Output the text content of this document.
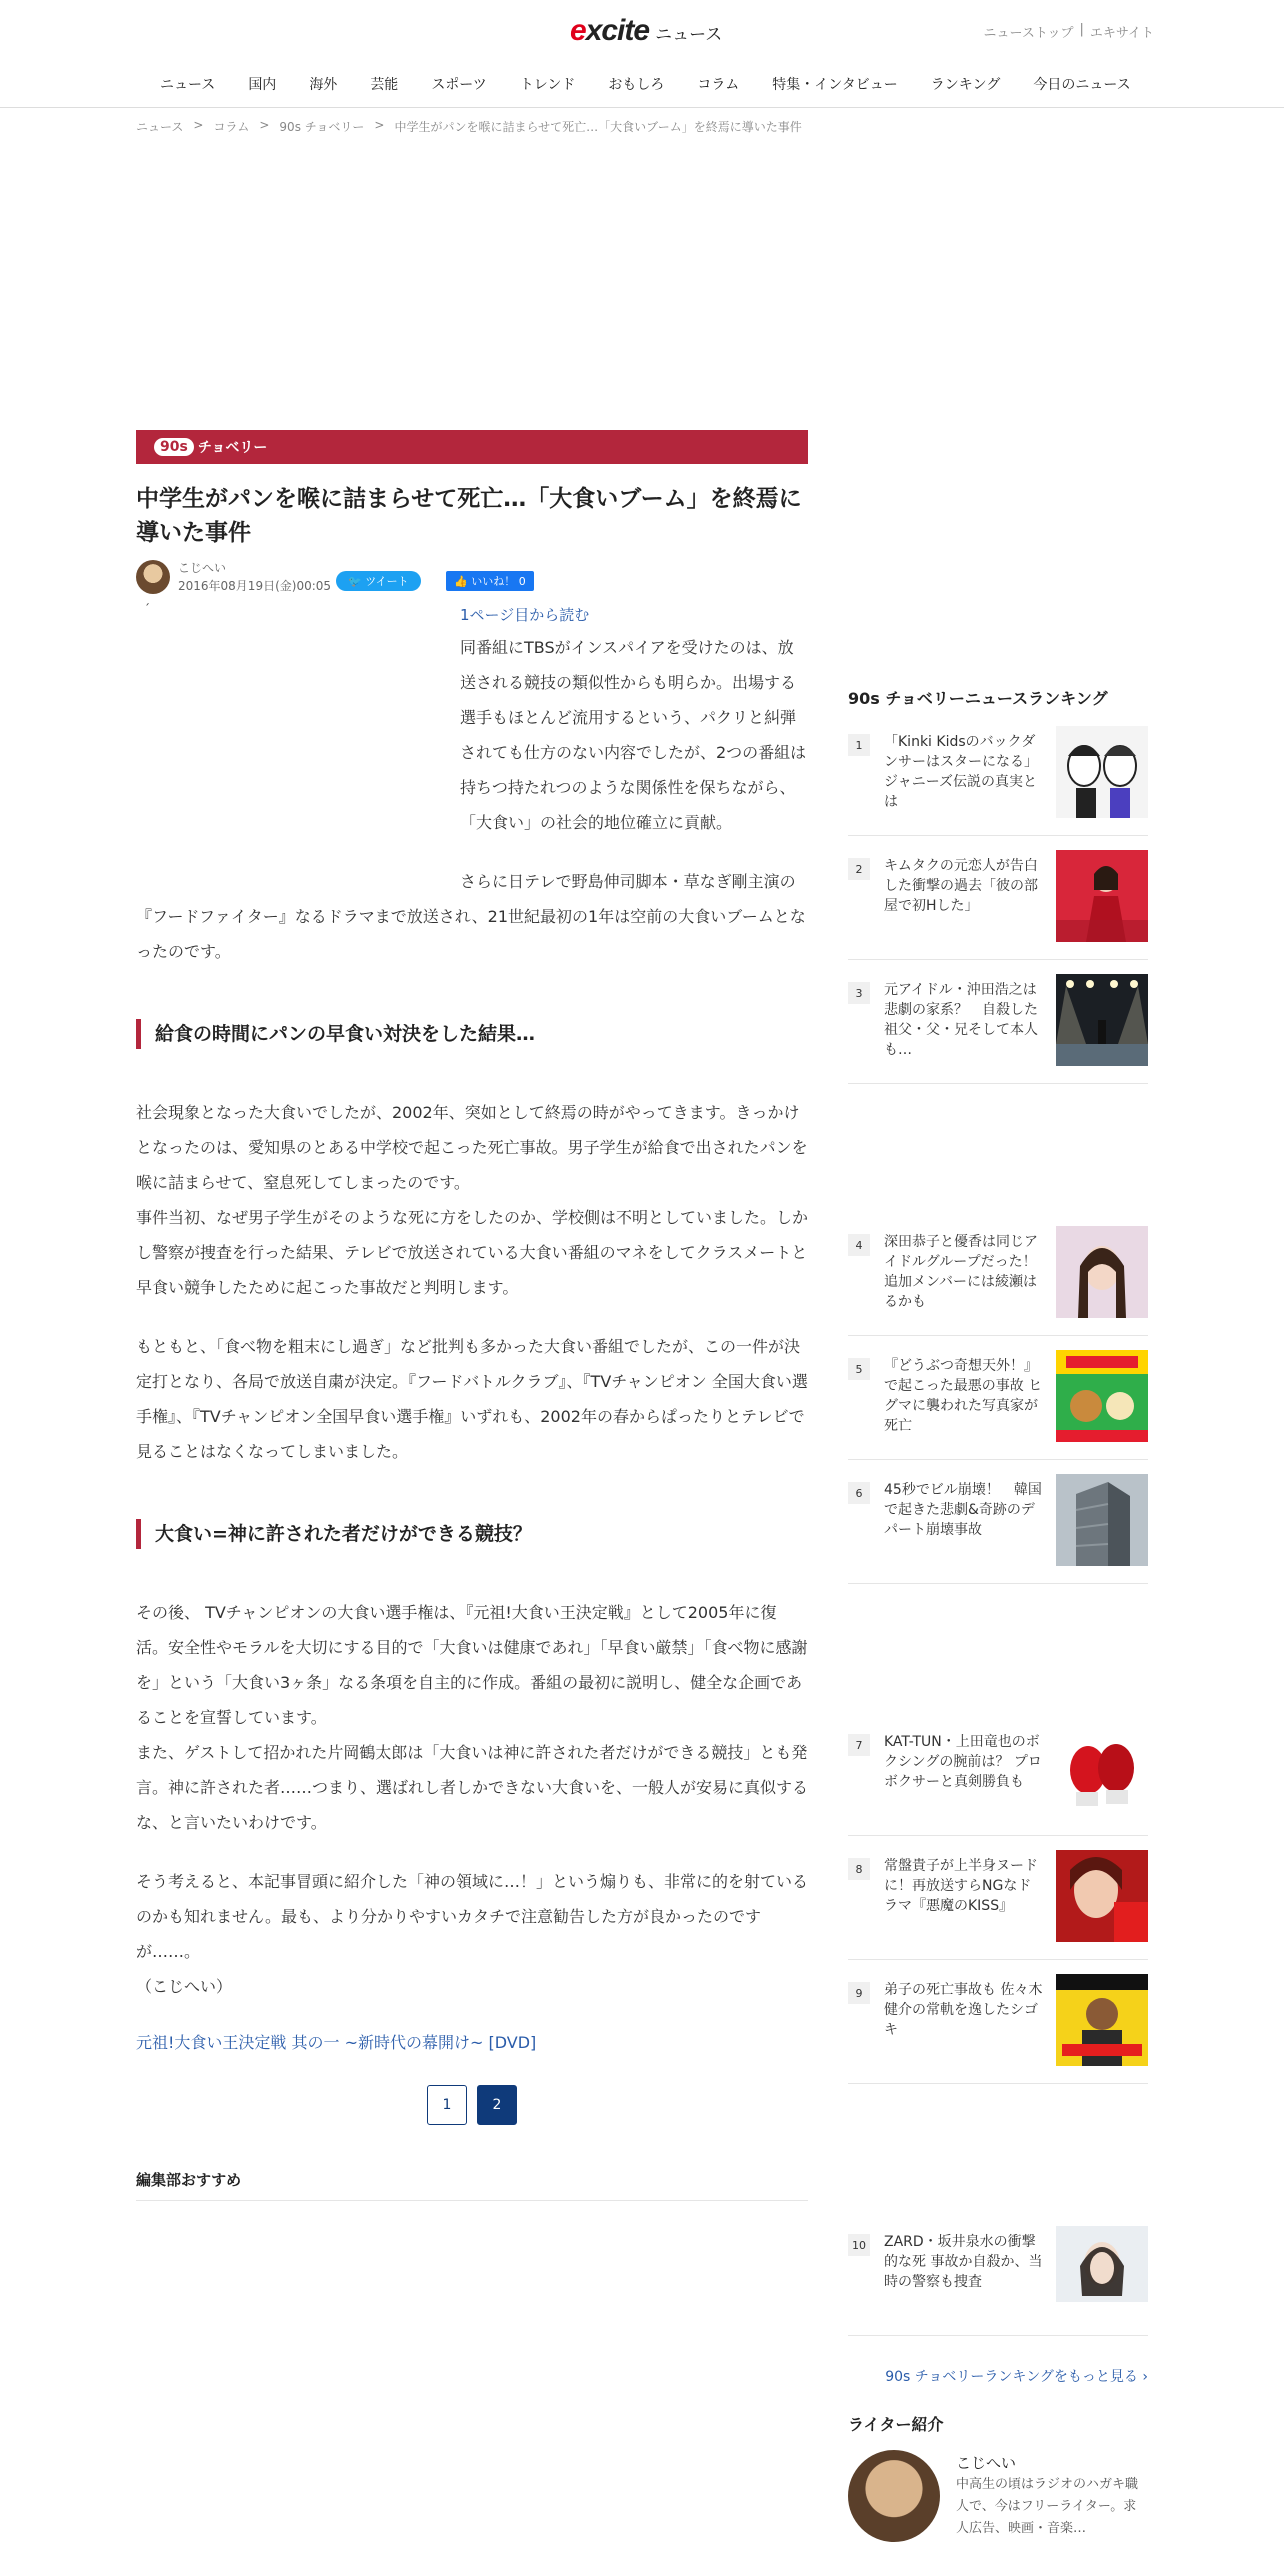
excite ニュース	ニューストップ | エキサイト
ニュース 国内 海外 芸能 スポーツ トレンド おもしろ コラム 特集・インタビュー ランキング 今日のニュース
ニュース > コラム > 90s チョベリー > 中学生がパンを喉に詰まらせて死亡…「大食いブーム」を終焉に導いた事件
90s チョベリー
中学生がパンを喉に詰まらせて死亡…「大食いブーム」を終焉に導いた事件
こじへい
2016年08月19日(金)00:05	🐦 ツイート	👍 いいね！ 0
´	1ページ目から読む

同番組にTBSがインスパイアを受けたのは、放送される競技の類似性からも明らか。出場する選手もほとんど流用するという、パクリと糾弾されても仕方のない内容でしたが、2つの番組は持ちつ持たれつのような関係性を保ちながら、「大食い」の社会的地位確立に貢献。

さらに日テレで野島伸司脚本・草なぎ剛主演の『フードファイター』なるドラマまで放送され、21世紀最初の1年は空前の大食いブームとなったのです。

給食の時間にパンの早食い対決をした結果…

社会現象となった大食いでしたが、2002年、突如として終焉の時がやってきます。きっかけとなったのは、愛知県のとある中学校で起こった死亡事故。男子学生が給食で出されたパンを喉に詰まらせて、窒息死してしまったのです。

事件当初、なぜ男子学生がそのような死に方をしたのか、学校側は不明としていました。しかし警察が捜査を行った結果、テレビで放送されている大食い番組のマネをしてクラスメートと早食い競争したために起こった事故だと判明します。

もともと、「食べ物を粗末にし過ぎ」など批判も多かった大食い番組でしたが、この一件が決定打となり、各局で放送自粛が決定。『フードバトルクラブ』、『TVチャンピオン 全国大食い選手権』、『TVチャンピオン全国早食い選手権』いずれも、2002年の春からぱったりとテレビで見ることはなくなってしまいました。

大食い=神に許された者だけができる競技？

その後、 TVチャンピオンの大食い選手権は、『元祖!大食い王決定戦』として2005年に復活。安全性やモラルを大切にする目的で「大食いは健康であれ」「早食い厳禁」「食べ物に感謝を」という「大食い3ヶ条」なる条項を自主的に作成。番組の最初に説明し、健全な企画であることを宣誓しています。

また、ゲストして招かれた片岡鶴太郎は「大食いは神に許された者だけができる競技」とも発言。神に許された者……つまり、選ばれし者しかできない大食いを、一般人が安易に真似するな、と言いたいわけです。

そう考えると、本記事冒頭に紹介した「神の領域に…！」という煽りも、非常に的を射ているのかも知れません。最も、より分かりやすいカタチで注意勧告した方が良かったのですが……。

（こじへい）

元祖!大食い王決定戦 其の一 ~新時代の幕開け~ [DVD]
1	2
編集部おすすめ
90s チョベリーニュースランキング
1	「Kinki Kidsのバックダンサーはスターになる」ジャニーズ伝説の真実とは
2	キムタクの元恋人が告白した衝撃の過去「彼の部屋で初Hした」
3	元アイドル・沖田浩之は悲劇の家系？　自殺した祖父・父・兄そして本人も…
4	深田恭子と優香は同じアイドルグループだった！追加メンバーには綾瀬はるかも
5	『どうぶつ奇想天外！』で起こった最悪の事故 ヒグマに襲われた写真家が死亡
6	45秒でビル崩壊！　韓国で起きた悲劇&奇跡のデパート崩壊事故
7	KAT-TUN・上田竜也のボクシングの腕前は？ プロボクサーと真剣勝負も
8	常盤貴子が上半身ヌードに！再放送すらNGなドラマ『悪魔のKISS』
9	弟子の死亡事故も 佐々木健介の常軌を逸したシゴキ
10 ZARD・坂井泉水の衝撃的な死 事故か自殺か、当時の警察も捜査
90s チョベリーランキングをもっと見る ›
ライター紹介
こじへい
中高生の頃はラジオのハガキ職人で、今はフリーライター。求人広告、映画・音楽…
